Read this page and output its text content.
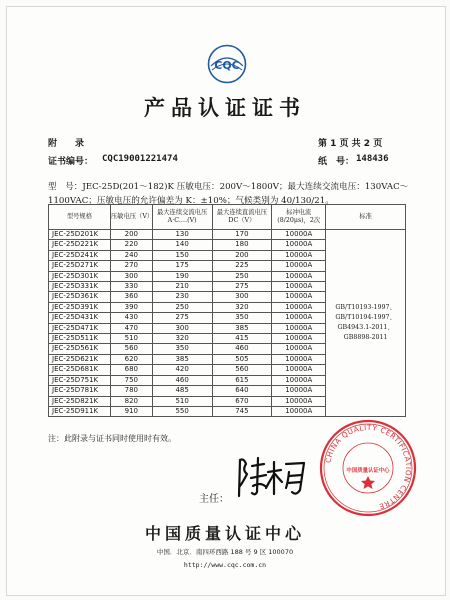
CQC
产品认证证书
附　　录	第 1 页 共 2 页
证书编号： CQC19001221474	纸　号： 148436
型　号：JEC-25D(201～182)K 压敏电压：200V～1800V；最大连续交流电压：130VAC～1100VAC；压敏电压的允许偏差为 K：±10%；气候类别为 40/130/21。
型号规格	压敏电压（V）	最大连续交流电压 A·C.…(V)	最大连续直流电压 DC（V）	标冲电流 (8/20μs)，2次	标准
JEC-25D201K	200	130	170	10000A	GB/T10193-1997、
GB/T10194-1997、
GB4943.1-2011、
GB8898-2011

JEC-25D221K	220	140	180	10000A	
JEC-25D241K	240	150	200	10000A	
JEC-25D271K	270	175	225	10000A	
JEC-25D301K	300	190	250	10000A	
JEC-25D331K	330	210	275	10000A	
JEC-25D361K	360	230	300	10000A	
JEC-25D391K	390	250	320	10000A	
JEC-25D431K	430	275	350	10000A	
JEC-25D471K	470	300	385	10000A	
JEC-25D511K	510	320	415	10000A	
JEC-25D561K	560	350	460	10000A	
JEC-25D621K	620	385	505	10000A	
JEC-25D681K	680	420	560	10000A	
JEC-25D751K	750	460	615	10000A	
JEC-25D781K	780	485	640	10000A	
JEC-25D821K	820	510	670	10000A	
JEC-25D911K	910	550	745	10000A	
注：此附录与证书同时使用时有效。
主任：
CHINA QUALITY CERTIFICATION CENTRE
中国质量认证中心
中国质量认证中心
中国．北京．南四环西路 188 号 9 区 100070
http://www.cqc.com.cn
